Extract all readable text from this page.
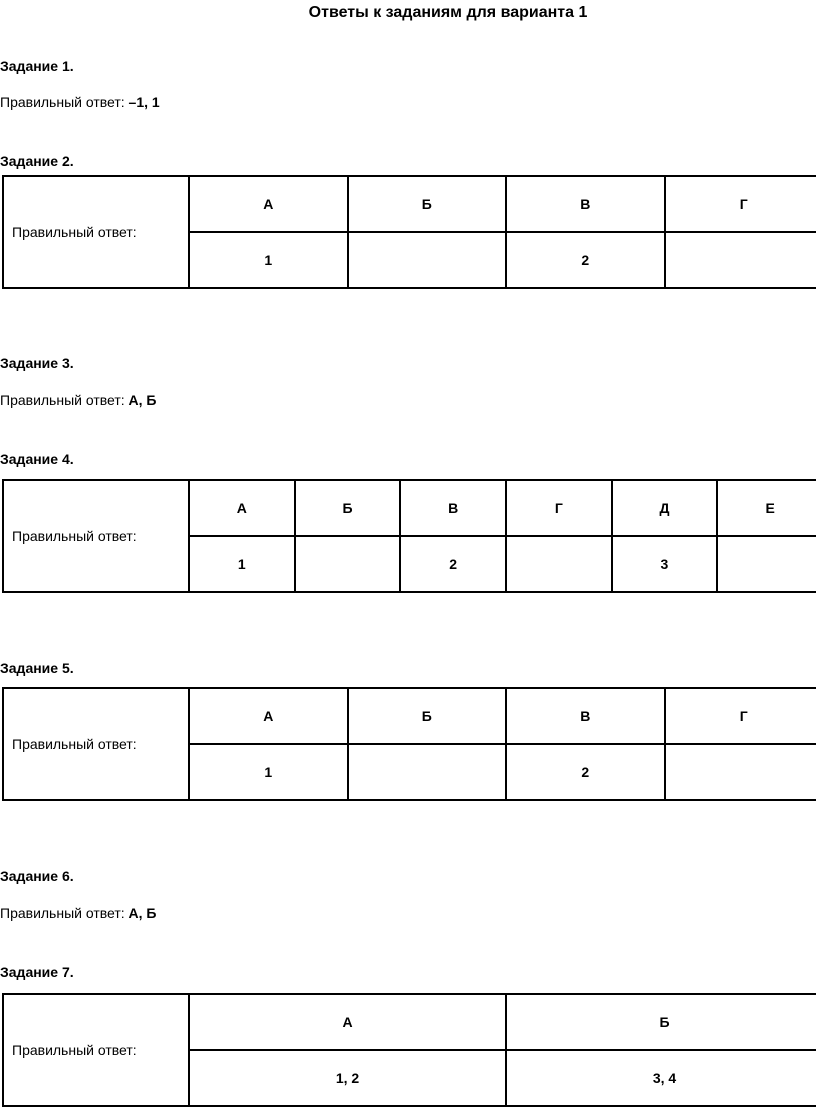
Ответы к заданиям для варианта 1
Задание 1.
Правильный ответ: –1, 1
Задание 2.
Правильный ответ:	А	Б	В	Г
	1		2	
Задание 3.
Правильный ответ: А, Б
Задание 4.
Правильный ответ:	А	Б	В	Г	Д	Е
	1		2		3	
Задание 5.
Правильный ответ:	А	Б	В	Г
	1		2	
Задание 6.
Правильный ответ: А, Б
Задание 7.
Правильный ответ:	А	Б
	1, 2	3, 4
